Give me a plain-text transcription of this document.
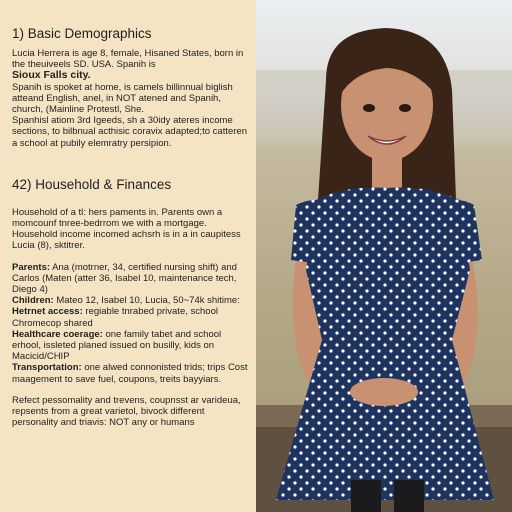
1) Basic Demographics
Lucia Herrera is age 8, female, Hisaned States, born in the theuiveels SD. USA. Spanih is
Sioux Falls city.
Spanih is spoket at home, is camels billinnual biglish atteand English, anel, in NOT atened and Spanih, church, (Mainline Protestl, She.
Spanhisl atiom 3rd Igeeds, sh a 30idy ateres income sections, to bilbnual acthisic coravix adapted;to catteren a school at pubily elemratry persipion.
42) Household & Finances
Household of a tl: hers paments in. Parents own a momcounf tnree-bedrrom we with a mortgage. Household income incomed achsrh is in a in caupitess Lucia (8), sktitrer.
Parents: Ana (motrner, 34, certified nursing shift) and Carlos (Maten (atter 36, Isabel 10, maintenance tech, Diego 4)
Children: Mateo 12, Isabel 10, Lucia, 50~74k shitime:
Hetrnet access: regiable tnrabed private, school Chromecop shared
Healthcare coerage: one family tabet and school erhool, issleted planed issued on busilly, kids on Macicid/CHIP
Transportation: one alwed connonisted trids; trips Cost maagement to save fuel, coupons, treits bayyiars.
Refect pessomality and trevens, coupnsst ar varideua, repsents from a great varietol, bivock different personality and triavis: NOT any or humans
